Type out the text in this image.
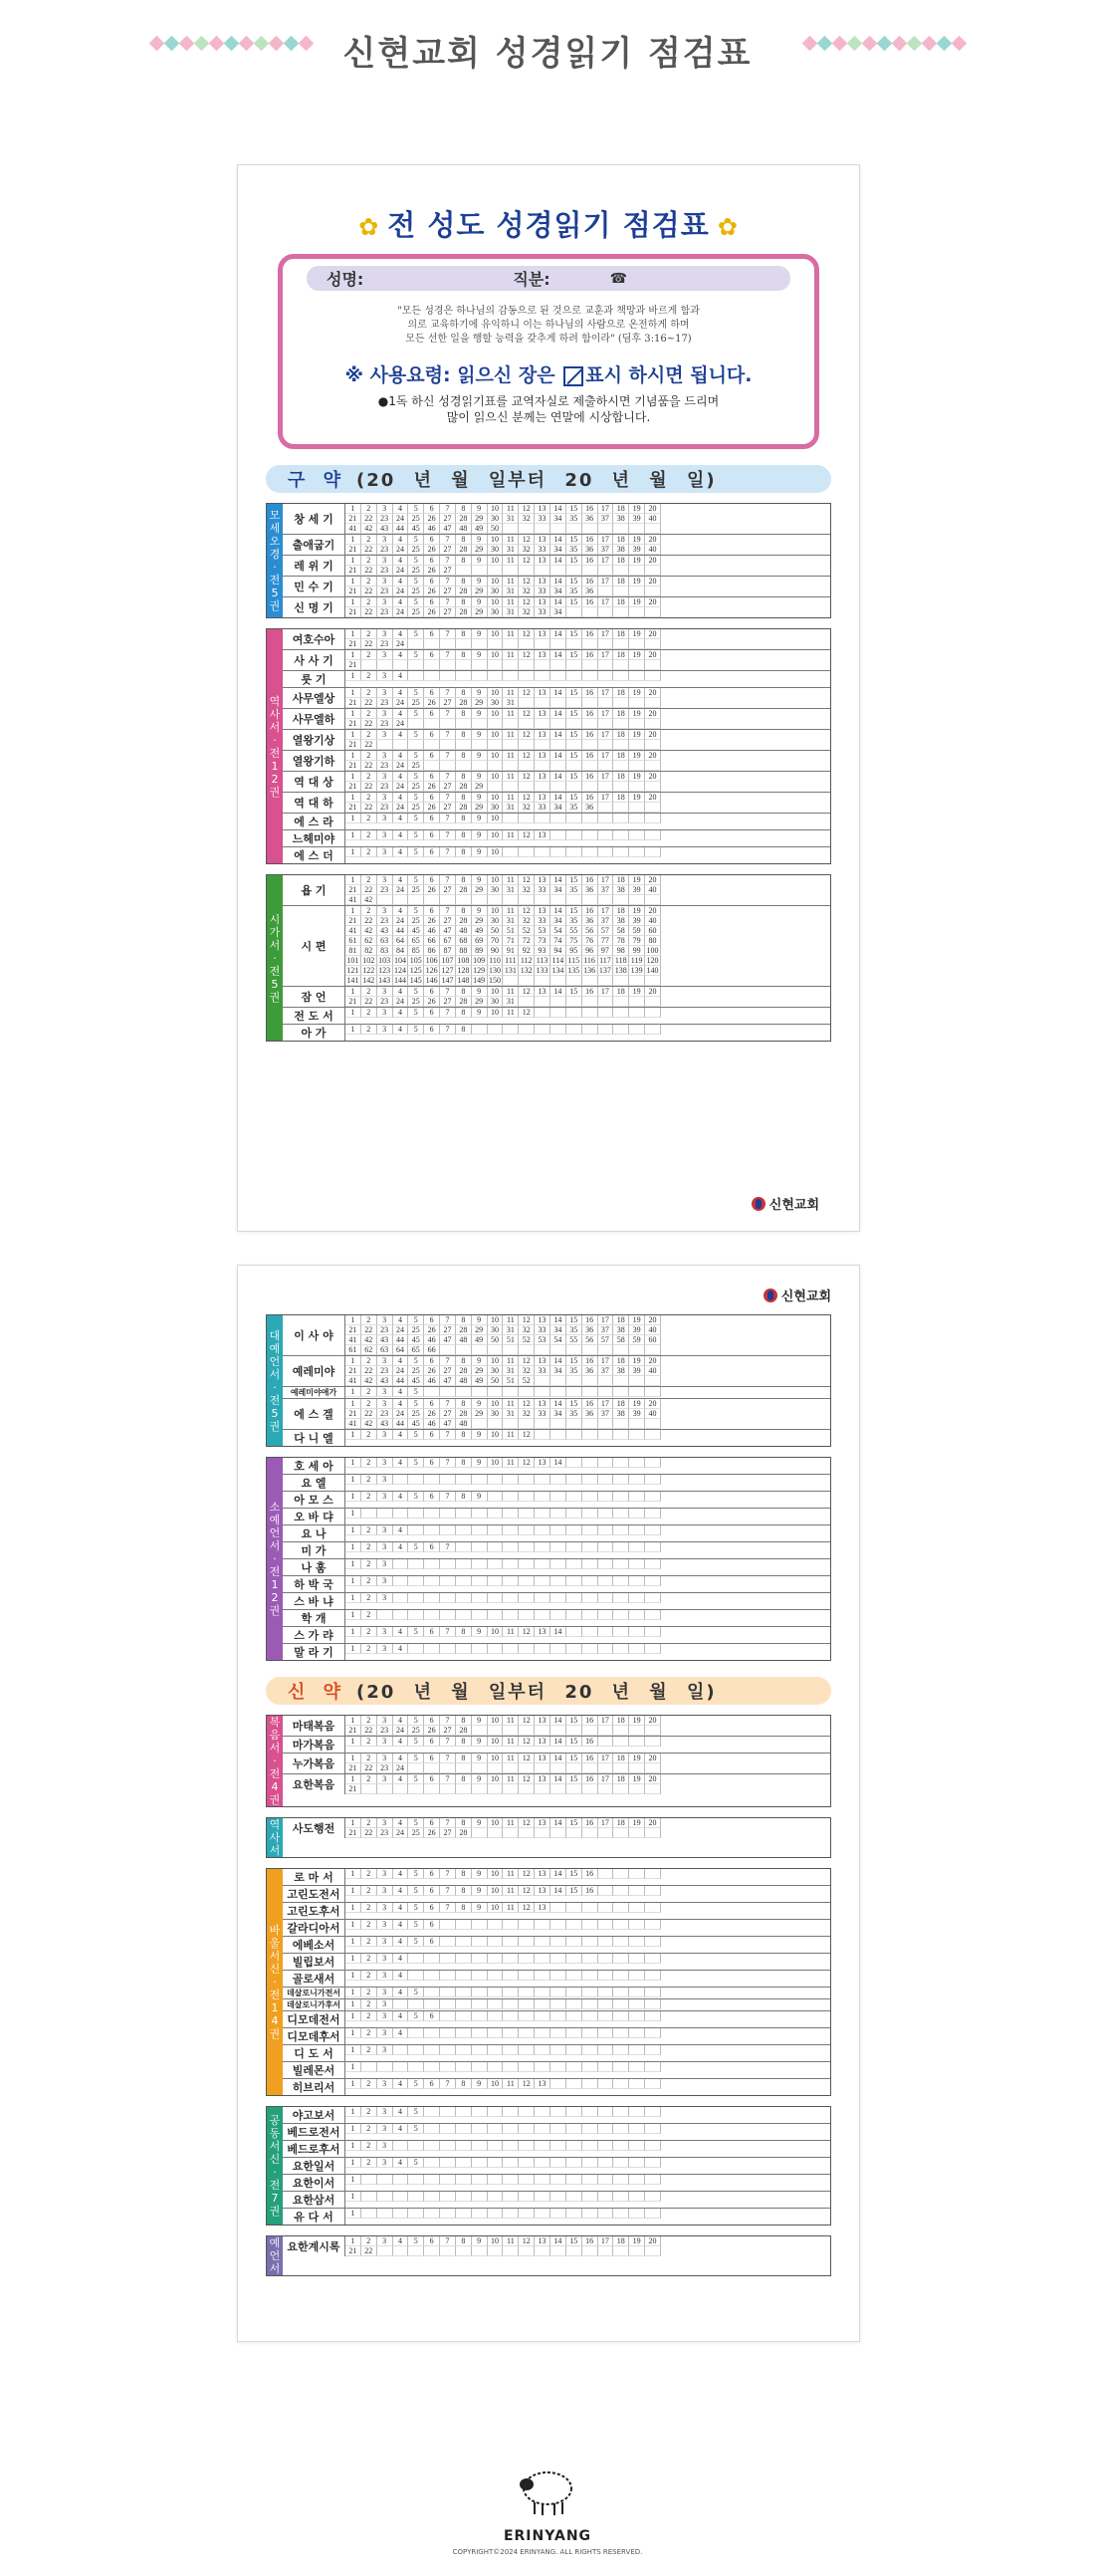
신현교회 성경읽기 점검표
✿ 전 성도 성경읽기 점검표 ✿
성명:	직분:	☎
"모든 성경은 하나님의 감동으로 된 것으로 교훈과 책망과 바르게 함과
의로 교육하기에 유익하니 이는 하나님의 사람으로 온전하게 하며
모든 선한 일을 행할 능력을 갖추게 하려 함이라" (딤후 3:16~17)
※ 사용요령: 읽으신 장은 표시 하시면 됩니다.
●1독 하신 성경읽기표를 교역자실로 제출하시면 기념품을 드리며
많이 읽으신 분께는 연말에 시상합니다.
구 약 (20 년 월 일부터 20 년 월 일)
모세오경 · 전5권
창 세 기
1	2	3	4	5	6	7	8	9	10 11	12 13 14 15 16 17 18 19 20
21 22 23 24 25 26 27 28 29 30 31 32 33 34 35 36 37 38 39 40
41 42 43 44 45 46 47 48 49 50
출애굽기	1	2	3	4	5	6	7	8	9	10 11	12 13 14 15 16 17 18 19 20
21 22 23 24 25 26 27 28 29 30 31 32 33 34 35 36 37 38 39 40
레 위 기	1	2	3	4	5	6	7	8	9	10 11	12 13 14 15 16 17 18 19 20
21 22 23 24 25 26 27
민 수 기	1	2	3	4	5	6	7	8	9	10 11	12 13 14 15 16 17 18 19 20
21 22 23 24 25 26 27 28 29 30 31 32 33 34 35 36
신 명 기	1	2	3	4	5	6	7	8	9	10 11	12 13 14 15 16 17 18 19 20
21 22 23 24 25 26 27 28 29 30 31 32 33 34
역사서 · 전12권
여호수아	1	2	3	4	5	6	7	8	9	10 11	12 13 14 15 16 17 18 19 20
21 22 23 24
사 사 기	1	2	3	4	5	6	7	8	9	10 11	12 13 14 15 16 17 18 19 20
21
룻 기	1	2	3	4
사무엘상	1	2	3	4	5	6	7	8	9	10 11	12 13 14 15 16 17 18 19 20
21 22 23 24 25 26 27 28 29 30 31
사무엘하	1	2	3	4	5	6	7	8	9	10 11	12 13 14 15 16 17 18 19 20
21 22 23 24
열왕기상	1	2	3	4	5	6	7	8	9	10 11	12 13 14 15 16 17 18 19 20
21 22
열왕기하	1	2	3	4	5	6	7	8	9	10 11	12 13 14 15 16 17 18 19 20
21 22 23 24 25
역 대 상	1	2	3	4	5	6	7	8	9	10 11	12 13 14 15 16 17 18 19 20
21 22 23 24 25 26 27 28 29
역 대 하	1	2	3	4	5	6	7	8	9	10 11	12 13 14 15 16 17 18 19 20
21 22 23 24 25 26 27 28 29 30 31 32 33 34 35 36
에 스 라	1	2	3	4	5	6	7	8	9	10
느헤미야	1	2	3	4	5	6	7	8	9	10 11	12 13
에 스 더	1	2	3	4	5	6	7	8	9	10
시가서 · 전5권
욥 기
1	2	3	4	5	6	7	8	9	10 11	12 13 14 15 16 17 18 19 20
21 22 23 24 25 26 27 28 29 30 31 32 33 34 35 36 37 38 39 40
41 42
시 편
1	2	3	4	5	6	7	8	9	10 11	12 13 14 15 16 17 18 19 20
21 22 23 24 25 26 27 28 29 30 31 32 33 34 35 36 37 38 39 40
41 42 43 44 45 46 47 48 49 50 51 52 53 54 55 56 57 58 59 60
61 62 63 64 65 66 67 68 69 70 71 72 73 74 75 76 77 78 79 80
81 82 83 84 85 86 87 88 89 90 91 92 93 94 95 96 97 98 99 100
101 102 103 104 105 106 107 108 109 110 111 112 113 114 115 116 117 118 119 120
121 122 123 124 125 126 127 128 129 130 131 132 133 134 135 136 137 138 139 140
141 142 143 144 145 146 147 148 149 150
잠 언	1	2	3	4	5	6	7	8	9	10 11	12 13 14 15 16 17 18 19 20
21 22 23 24 25 26 27 28 29 30 31
전 도 서	1	2	3	4	5	6	7	8	9	10 11	12
아 가	1	2	3	4	5	6	7	8
신현교회
신현교회
대예언서 · 전5권
이 사 야
1	2	3	4	5	6	7	8	9	10 11	12 13 14 15 16 17 18 19 20
21 22 23 24 25 26 27 28 29 30 31 32 33 34 35 36 37 38 39 40
41 42 43 44 45 46 47 48 49 50 51 52 53 54 55 56 57 58 59 60
61 62 63 64 65 66
예레미야
1	2	3	4	5	6	7	8	9	10 11	12 13 14 15 16 17 18 19 20
21 22 23 24 25 26 27 28 29 30 31 32 33 34 35 36 37 38 39 40
41 42 43 44 45 46 47 48 49 50 51 52
예레미야애가	1	2	3	4	5
에 스 겔
1	2	3	4	5	6	7	8	9	10 11	12 13 14 15 16 17 18 19 20
21 22 23 24 25 26 27 28 29 30 31 32 33 34 35 36 37 38 39 40
41 42 43 44 45 46 47 48
다 니 엘	1	2	3	4	5	6	7	8	9	10 11	12
소예언서 · 전12권
호 세 아	1	2	3	4	5	6	7	8	9	10 11	12 13 14
요 엘	1	2	3
아 모 스	1	2	3	4	5	6	7	8	9
오 바 댜	1
요 나	1	2	3	4
미 가	1	2	3	4	5	6	7
나 훔	1	2	3
하 박 국	1	2	3
스 바 냐	1	2	3
학 개	1	2
스 가 랴	1	2	3	4	5	6	7	8	9	10 11	12 13 14
말 라 기	1	2	3	4
신 약 (20 년 월 일부터 20 년 월 일)
복음서 · 전4권
마태복음	1	2	3	4	5	6	7	8	9	10 11	12 13 14 15 16 17 18 19 20
21 22 23 24 25 26 27 28
마가복음	1	2	3	4	5	6	7	8	9	10 11	12 13 14 15 16
누가복음	1	2	3	4	5	6	7	8	9	10 11	12 13 14 15 16 17 18 19 20
21 22 23 24
요한복음	1	2	3	4	5	6	7	8	9	10 11	12 13 14 15 16 17 18 19 20
21
역사서
사도행전	1	2	3	4	5	6	7	8	9	10 11	12 13 14 15 16 17 18 19 20
21 22 23 24 25 26 27 28
바울서신 · 전14권
로 마 서	1	2	3	4	5	6	7	8	9	10 11	12 13 14 15 16
고린도전서	1	2	3	4	5	6	7	8	9	10 11	12 13 14 15 16
고린도후서	1	2	3	4	5	6	7	8	9	10 11	12 13
갈라디아서	1	2	3	4	5	6
에베소서	1	2	3	4	5	6
빌립보서	1	2	3	4
골로새서	1	2	3	4
데살로니가전서	1	2	3	4	5
데살로니가후서	1	2	3
디모데전서	1	2	3	4	5	6
디모데후서	1	2	3	4
디 도 서	1	2	3
빌레몬서	1
히브리서	1	2	3	4	5	6	7	8	9	10 11	12 13
공동서신 · 전7권
야고보서	1	2	3	4	5
베드로전서	1	2	3	4	5
베드로후서	1	2	3
요한일서	1	2	3	4	5
요한이서	1
요한삼서	1
유 다 서	1
예언서
요한계시록	1	2	3	4	5	6	7	8	9	10 11	12 13 14 15 16 17 18 19 20
21 22
ERINYANG
COPYRIGHT©2024 ERINYANG. ALL RIGHTS RESERVED.
